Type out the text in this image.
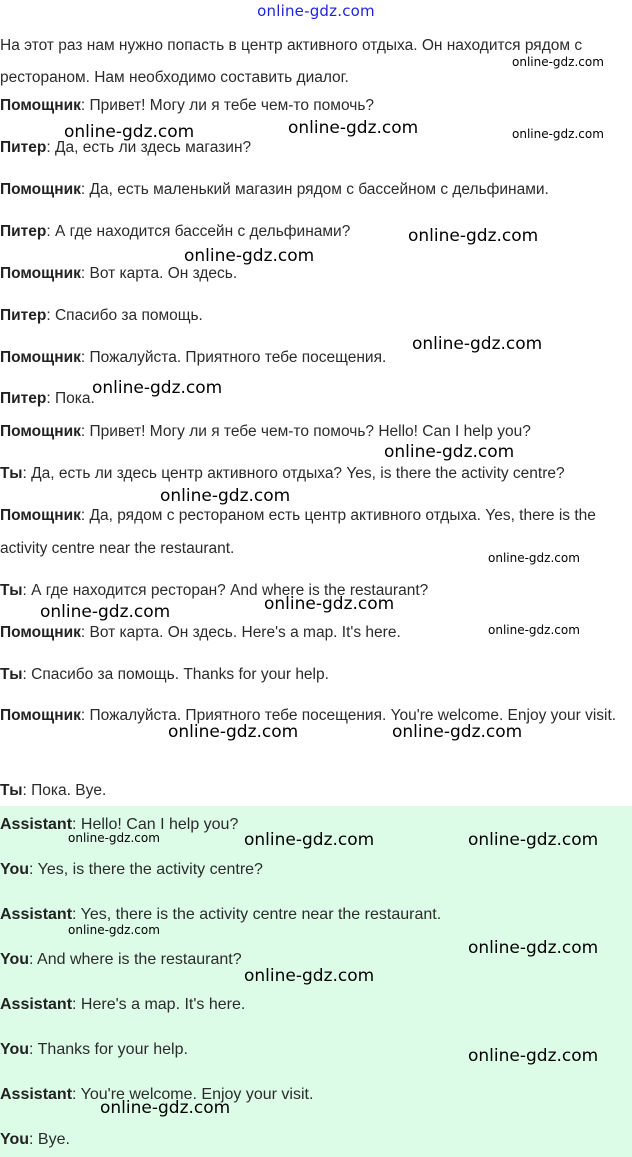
online-gdz.com
На этот раз нам нужно попасть в центр активного отдыха. Он находится рядом с рестораном. Нам необходимо составить диалог.
Помощник: Привет! Могу ли я тебе чем-то помочь?
Питер: Да, есть ли здесь магазин?
Помощник: Да, есть маленький магазин рядом с бассейном с дельфинами.
Питер: А где находится бассейн с дельфинами?
Помощник: Вот карта. Он здесь.
Питер: Спасибо за помощь.
Помощник: Пожалуйста. Приятного тебе посещения.
Питер: Пока.
Помощник: Привет! Могу ли я тебе чем-то помочь? Hello! Can I help you?
Ты: Да, есть ли здесь центр активного отдыха? Yes, is there the activity centre?
Помощник: Да, рядом с рестораном есть центр активного отдыха. Yes, there is the activity centre near the restaurant.
Ты: А где находится ресторан? And where is the restaurant?
Помощник: Вот карта. Он здесь. Here's a map. It's here.
Ты: Спасибо за помощь. Thanks for your help.
Помощник: Пожалуйста. Приятного тебе посещения. You're welcome. Enjoy your visit.
Ты: Пока. Bye.
Assistant: Hello! Can I help you?
You: Yes, is there the activity centre?
Assistant: Yes, there is the activity centre near the restaurant.
You: And where is the restaurant?
Assistant: Here's a map. It's here.
You: Thanks for your help.
Assistant: You're welcome. Enjoy your visit.
You: Bye.
online-gdz.com
online-gdz.com	online-gdz.com	online-gdz.com
online-gdz.com
online-gdz.com
online-gdz.com
online-gdz.com
online-gdz.com
online-gdz.com
online-gdz.com
online-gdz.com
online-gdz.com
online-gdz.com
online-gdz.com	online-gdz.com
online-gdz.com	online-gdz.com	online-gdz.com
online-gdz.com
online-gdz.com
online-gdz.com
online-gdz.com
online-gdz.com
